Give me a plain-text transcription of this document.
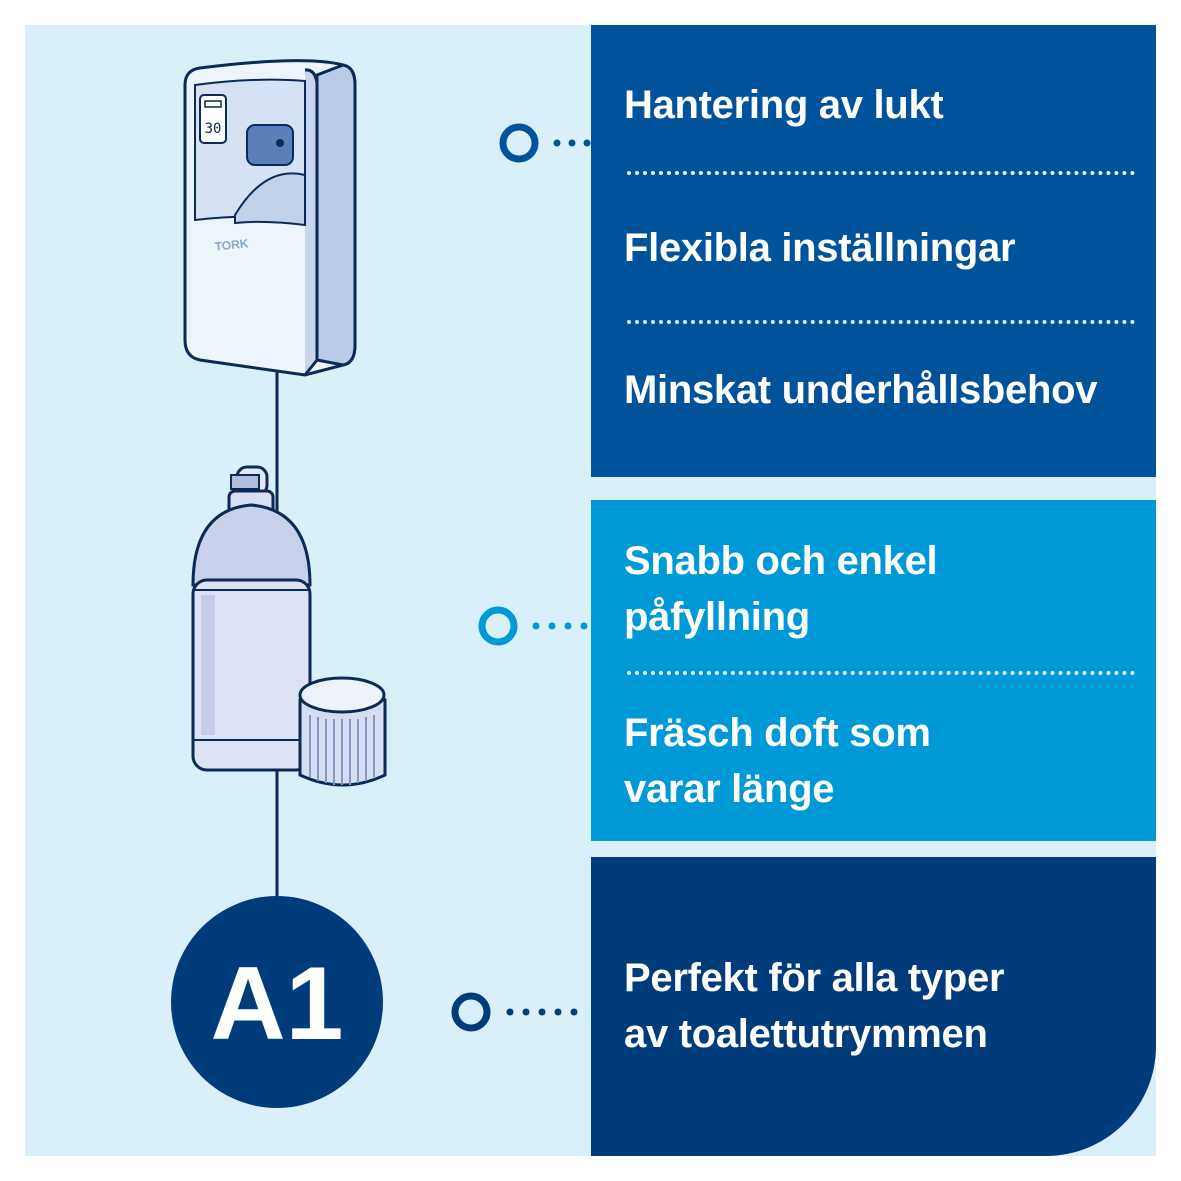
30
TORK
A1
Hantering av lukt
Flexibla inställningar
Minskat underhållsbehov
Snabb och enkel
påfyllning
Fräsch doft som
varar länge
Perfekt för alla typer
av toalettutrymmen
